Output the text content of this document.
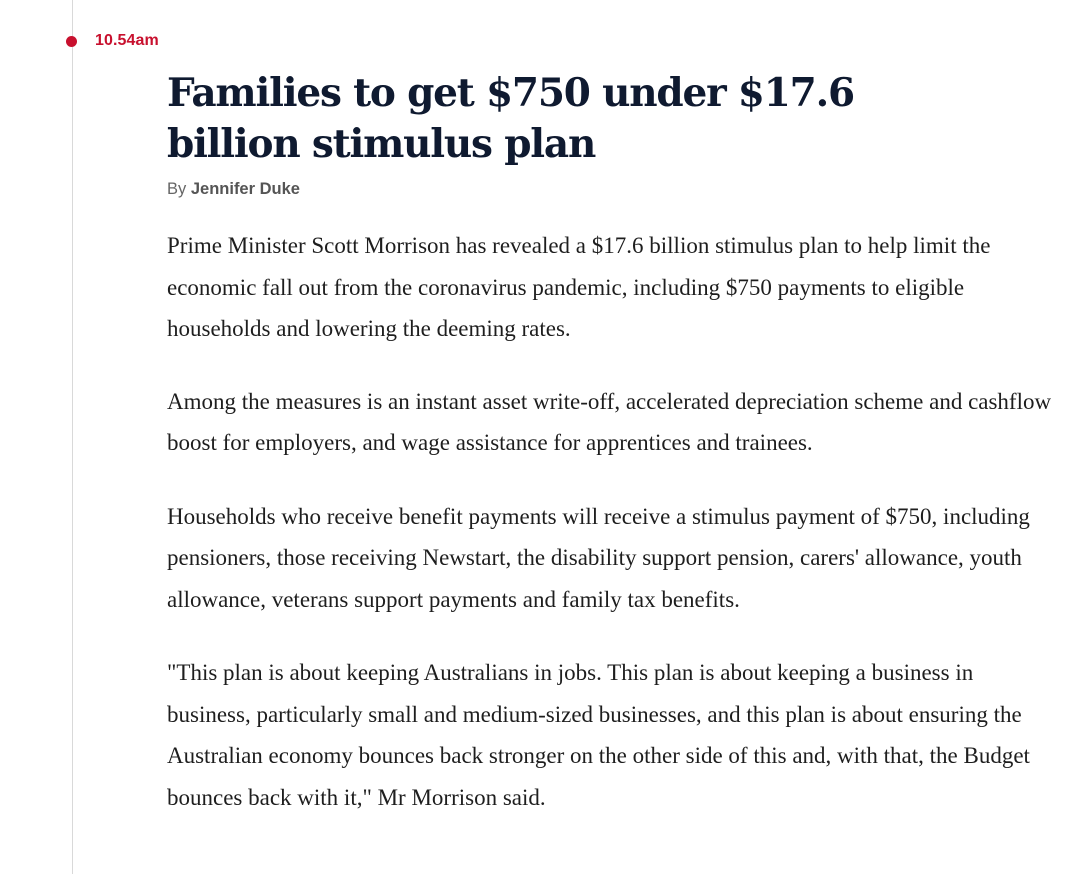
10.54am
Families to get $750 under $17.6 billion stimulus plan
By Jennifer Duke

Prime Minister Scott Morrison has revealed a $17.6 billion stimulus plan to help limit the economic fall out from the coronavirus pandemic, including $750 payments to eligible households and lowering the deeming rates.

Among the measures is an instant asset write-off, accelerated depreciation scheme and cashflow boost for employers, and wage assistance for apprentices and trainees.

Households who receive benefit payments will receive a stimulus payment of $750, including pensioners, those receiving Newstart, the disability support pension, carers' allowance, youth allowance, veterans support payments and family tax benefits.

"This plan is about keeping Australians in jobs. This plan is about keeping a business in business, particularly small and medium-sized businesses, and this plan is about ensuring the Australian economy bounces back stronger on the other side of this and, with that, the Budget bounces back with it," Mr Morrison said.
